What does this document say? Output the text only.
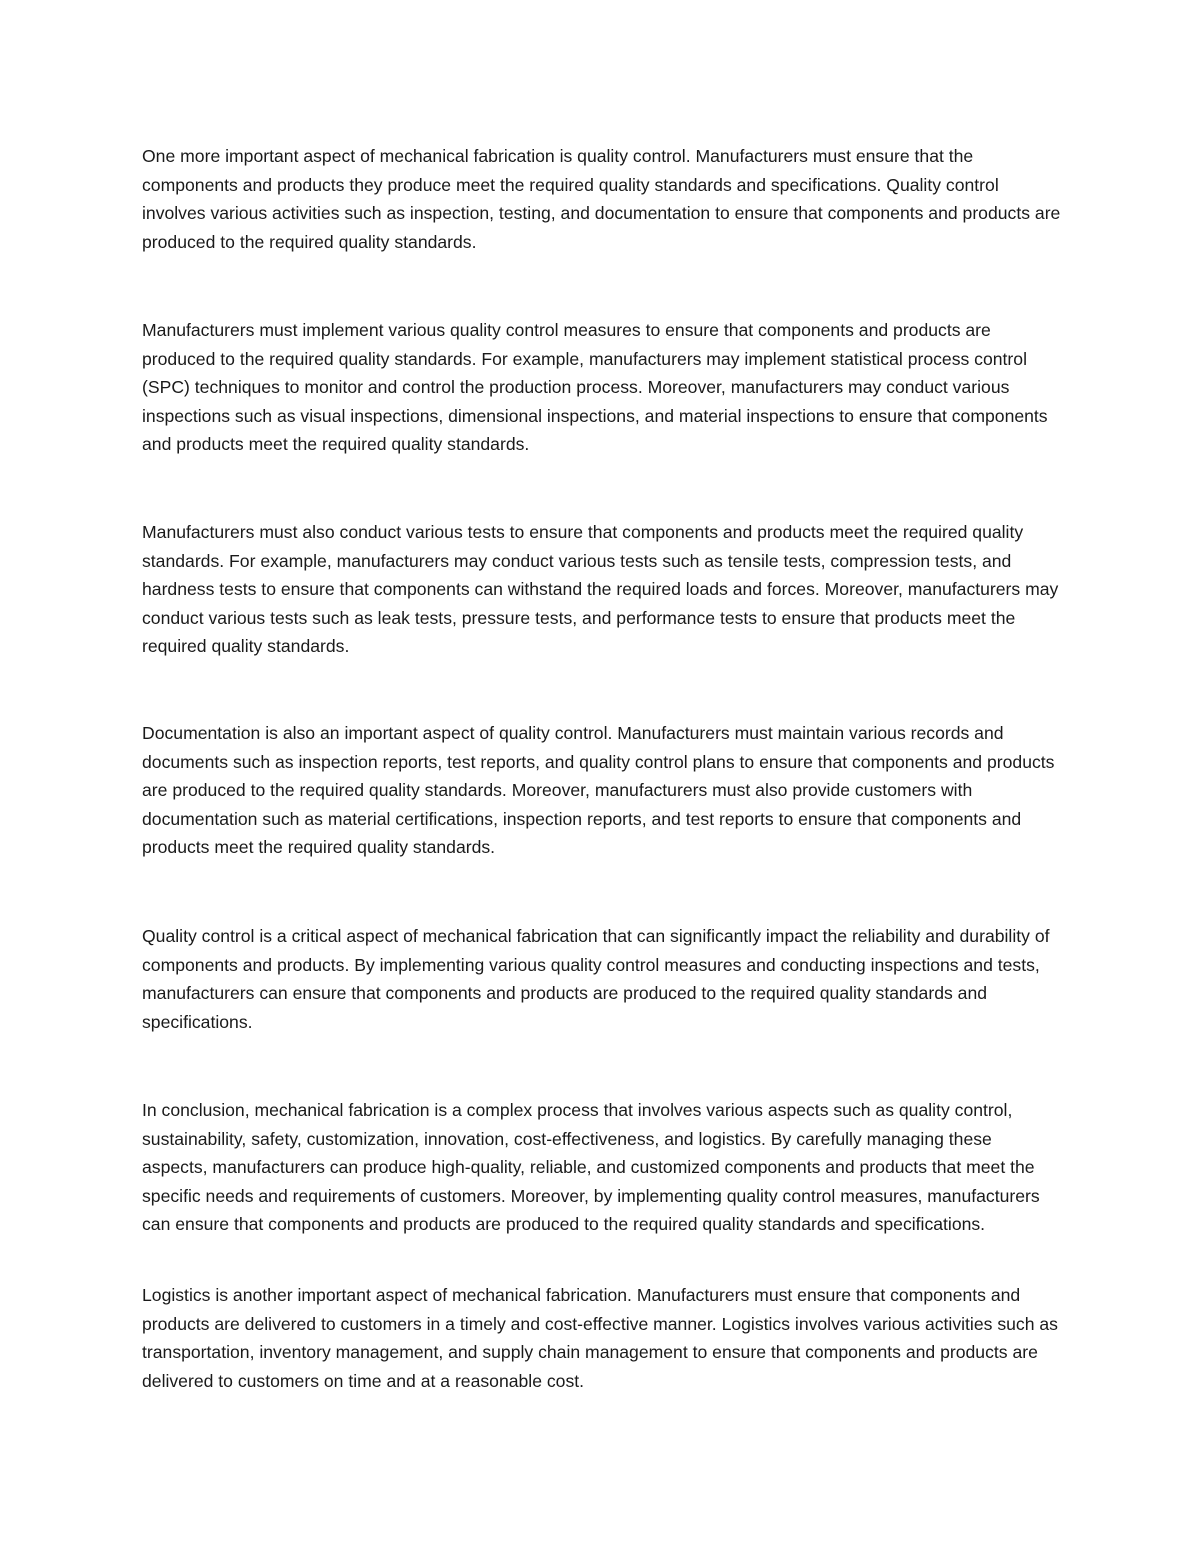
One more important aspect of mechanical fabrication is quality control. Manufacturers must ensure that the components and products they produce meet the required quality standards and specifications. Quality control involves various activities such as inspection, testing, and documentation to ensure that components and products are produced to the required quality standards.

Manufacturers must implement various quality control measures to ensure that components and products are produced to the required quality standards. For example, manufacturers may implement statistical process control (SPC) techniques to monitor and control the production process. Moreover, manufacturers may conduct various inspections such as visual inspections, dimensional inspections, and material inspections to ensure that components and products meet the required quality standards.

Manufacturers must also conduct various tests to ensure that components and products meet the required quality standards. For example, manufacturers may conduct various tests such as tensile tests, compression tests, and hardness tests to ensure that components can withstand the required loads and forces. Moreover, manufacturers may conduct various tests such as leak tests, pressure tests, and performance tests to ensure that products meet the required quality standards.

Documentation is also an important aspect of quality control. Manufacturers must maintain various records and documents such as inspection reports, test reports, and quality control plans to ensure that components and products are produced to the required quality standards. Moreover, manufacturers must also provide customers with documentation such as material certifications, inspection reports, and test reports to ensure that components and products meet the required quality standards.

Quality control is a critical aspect of mechanical fabrication that can significantly impact the reliability and durability of components and products. By implementing various quality control measures and conducting inspections and tests, manufacturers can ensure that components and products are produced to the required quality standards and specifications.

In conclusion, mechanical fabrication is a complex process that involves various aspects such as quality control, sustainability, safety, customization, innovation, cost-effectiveness, and logistics. By carefully managing these aspects, manufacturers can produce high-quality, reliable, and customized components and products that meet the specific needs and requirements of customers. Moreover, by implementing quality control measures, manufacturers can ensure that components and products are produced to the required quality standards and specifications.

Logistics is another important aspect of mechanical fabrication. Manufacturers must ensure that components and products are delivered to customers in a timely and cost-effective manner. Logistics involves various activities such as transportation, inventory management, and supply chain management to ensure that components and products are delivered to customers on time and at a reasonable cost.
